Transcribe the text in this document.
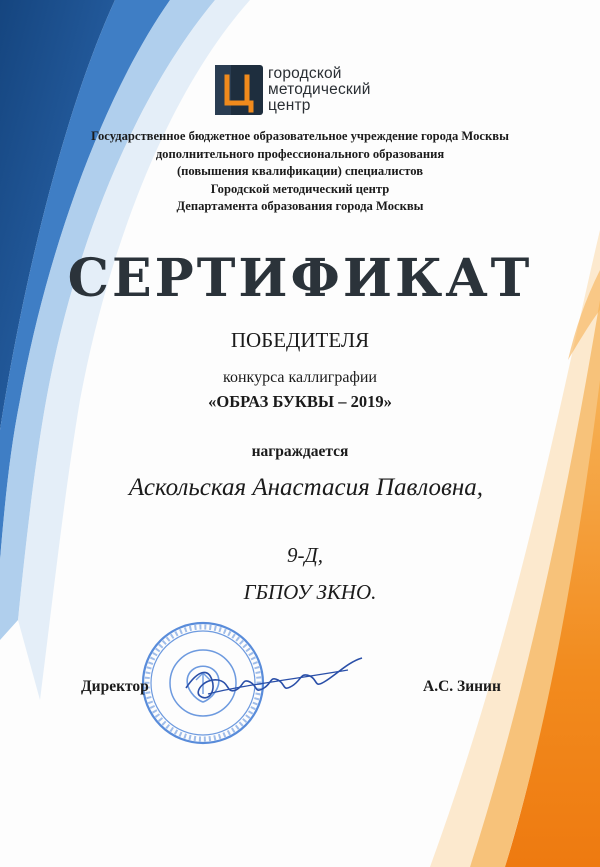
городской
методический
центр
Государственное бюджетное образовательное учреждение города Москвы
дополнительного профессионального образования
(повышения квалификации) специалистов
Городской методический центр
Департамента образования города Москвы
СЕРТИФИКАТ
ПОБЕДИТЕЛЯ
конкурса каллиграфии
«ОБРАЗ БУКВЫ – 2019»
награждается
Аскольская Анастасия Павловна,
9-Д,
ГБПОУ ЗКНО.
Директор	А.С. Зинин
